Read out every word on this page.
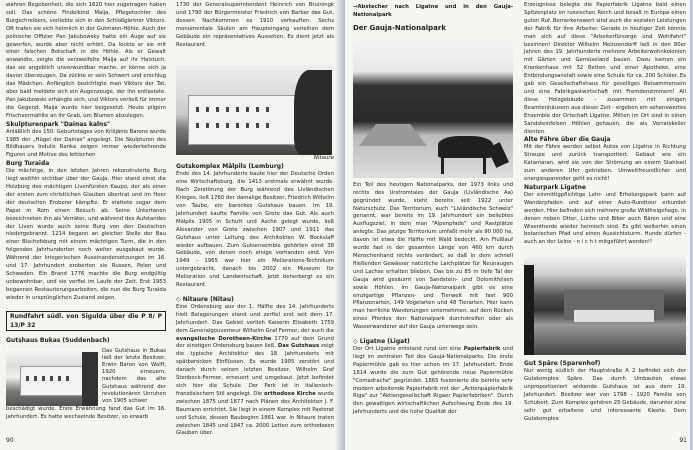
wahren Begebenheit, die sich 1620 hier zugetragen haben soll. Das schöne Findelkind Maija, Pflegetochter des Burgschreibers, verliebte sich in den Schloßgärtner Viktors. Oft trafen sie sich heimlich in der Gutmann-Höhle. Auch der polnische Offizier Pan Jakubowsky hatte ein Auge auf sie geworfen, wurde aber nicht erhört. Da lockte er sie mit einer falschen Botschaft in die Höhle. Als er Gewalt anwandte, zeigte die verzweifelte Maija auf ihr Halstuch, das sie angeblich unverwundbar mache, er könne sich ja davon überzeugen. Da zückte er sein Schwert und erschlug das Mädchen. Anfänglich bezichtigte man Viktors der Tat, aber bald meldete sich ein Augenzeuge, der ihn entlastete. Pan Jakubowski erhängte sich, und Viktors verließ für immer die Gegend. Maija wurde hier beigesetzt. Heute pilgern Frischvermählte an ihr Grab, um Blumen abzulegen.

Skulpturenpark "Dainas kalns"

Anläßlich des 150. Geburtstages von Krišjānis Barons wurde 1985 der „Hügel der Dainas" angelegt. Die Skulpturen des Bildhauers Indulis Ranka zeigen immer wiederkehrende Figuren und Motive des lettischen

Burg Turaida

Die mächtige, in den letzten Jahren rekonstruierte Burg liegt weithin sichtbar über der Gauja. Hier stand einst die Holzburg des mächtigen Livenfürsten Kaupo, der als einer der ersten zum christlichen Glauben übertrat und im Heer der deutschen Eroberer kämpfte. Er stattete sogar dem Papst in Rom einen Besuch ab. Seine Untertanen bezeichneten ihn als Verräter, und während des Aufstandes der Liven wurde auch seine Burg von den Deutschen niedergebrannt. 1214 begann an gleicher Stelle der Bau einer Bischofsburg mit einem mächtigen Turm, die in den folgenden Jahrhunderten noch weiter ausgebaut wurde. Während der kriegerischen Auseinandersetzungen im 16. und 17. Jahrhundert eroberten sie Russen, Polen und Schweden. Ein Brand 1776 machte die Burg endgültig unbewohnbar, und sie verfiel im Laufe der Zeit. Erst 1953 begannen Restaurierungsarbeiten, die nun die Burg Turaida wieder in ursprünglichen Zustand zeigen.

Rundfahrt südl. von Sigulda über die P 8/ P 13/P 32

Gutshaus Bukas (Suddenbach)

Das Gutshaus in Bukas ließ der letzte Besitzer, Erwin Baron von Wolff, 1920 erneuern, nachdem das alte Gutshaus während der revolutionären Unruhen von 1905 schwer

beschädigt wurde. Erste Erwähnung fand das Gut im 16. Jahrhundert. Es hatte wechselnde Besitzer, so erwarb

90

1730 der Generalsuperintendent Heinrich von Bruiningk und 1790 der Bürgermeister Friedrich von Barber das Gut, dessen Nachkommen es 1910 verkauften. Sechs monumentale Säulen am Haupteingang verleihen dem Gebäude ein repräsentatives Aussehen. Es dient jetzt als Restaurant.

Nitaure

Gutskomplex Mālpils (Lemburg)

Ende des 14. Jahrhunderts baute hier der Deutsche Orden eine Wirtschaftsburg, die 1413 erstmals erwähnt wurde. Nach Zerstörung der Burg während des Livländischen Krieges, ließ 1760 der damalige Besitzer, Friedrich Wilhelm von Taube, ein barockes Gutshaus bauen. Im 19. Jahrhundert kaufte Familie von Grote das Gut. Als auch Mālpils 1905 in Schutt und Asche gelegt wurde, ließ Alexander von Grote zwischen 1907 und 1911 das Gutshaus unter Leitung des Architekten W. Bockslaff wieder aufbauen. Zum Gutsensemble gehörten einst 38 Gebäude, von denen noch einige vorhanden sind. Von 1949 - 1965 war hier ein Meliorations-Technikum untergebracht, danach bis 2002 ein Museum für Melioration und Landwirtschaft. Jetzt beherbergt es ein Restaurant.

◇ Nitaure (Nitau)

Eine Ordensburg aus der 1. Hälfte des 14. Jahrhunderts hielt Belagerungen stand und zerfiel erst seit dem 17. Jahrhundert. Das Gebiet verlieh Kaiserin Elisabeth 1759 dem Generalgouverneur Wilhelm Graf Fermor, der auch die evangelische Dorotheen-Kirche 1770 auf dem Grund der einstigen Ordensburg bauen ließ. Das Gutshaus zeigt die typische Architektur des 18. Jahrhunderts mit spätbarocken Einflüssen. Es wurde 1905 zerstört und danach durch seinen letzten Besitzer, Wilhelm Graf Stenbock-Fermor, erneuert und umgebaut. Jetzt befindet sich hier die Schule. Der Park ist in italienisch-französischem Stil angelegt. Die orthodoxe Kirche wurde zwischen 1875 und 1877 nach Plänen des Architekten J. F. Baumann errichtet. Sie liegt in einem Komplex mit Pastorat und Schule, dessen Baubeginn 1861 war. In Nitaure traten zwischen 1845 und 1847 ca. 2000 Letten zum orthodoxen Glauben über.

→Abstecher nach Līgatne und in den Gauja-Nationalpark

Der Gauja-Nationalpark

Ein Teil des heutigen Nationalparks, der 1973 links und rechts des Urstromtales der Gauja (Livländische Aa) gegründet wurde, steht bereits seit 1922 unter Naturschutz. Das Territorium, auch "Livländische Schweiz" genannt, war bereits im 19. Jahrhundert ein beliebtes Ausflugsziel, in dem man "Alpenpfade" und Rastplätze anlegte. Das jetzige Territorium umfaßt mehr als 90 000 ha, davon ist etwa die Hälfte mit Wald bedeckt. Am Flußlauf wurde fast in der gesamten Länge von 460 km durch Menschenhand nichts verändert, so daß in dem schnell fließenden Gewässer natürliche Laichplätze für Neunaugen und Lachse erhalten blieben. Das bis zu 85 m tiefe Tal der Gauja wird gesäumt von Sandstein- und Dolomitfelsen sowie Höhlen. Im Gauja-Nationalpark gibt es eine einzigartige Pflanzen- und Tierwelt mit fast 900 Pflanzenarten, 149 Vogelarten und 48 Tierarten. Hier kann man herrliche Wanderungen unternehmen, auf dem Rücken eines Pferdes den Nationalpark durchstreifen oder als Wasserwanderer auf der Gauja unterwegs sein.

◇ Līgatne (Ligat)

Der Ort Līgatne entstand rund um eine Papierfabrik und liegt im zentralen Teil des Gauja-Nationalparks. Die erste Papiermühle gab es hier schon im 17. Jahrhundert. Ende 1814 wurde die zum Gut gehörende neue Papiermühle "Comadrache" gegründet. 1865 fusionierte die bereits sehr modern arbeitende Papierfabrik mit der „Actienpapierfabrik Riga" zur "Aktiengesellschaft Rigaer Papierfabriken". Durch den gewaltigen wirtschaftlichen Aufschwung Ende des 19. Jahrhunderts und die hohe Qualität der

Erzeugnisse belegte die Papierfabrik Līgatne bald einen Spitzenplatz im russischen Reich und besaß in Europa einen guten Ruf. Bemerkenswert sind auch die sozialen Leistungen der Fabrik für ihre Arbeiter. Gerade in heutiger Zeit könnte man sich auf diese "Arbeiterfürsorge und Wohlfahrt" besinnen! Direktor Wilhelm Meinzendorff ließ in den 80er Jahren des 19. Jahrhunderts mehrere Arbeiterwohnkolonien mit Gärten und Gemüseland bauen. Dazu kamen ein Krankenhaus mit 32 Betten und einer Apotheke, eine Entbindungsanstalt sowie eine Schule für ca. 200 Schüler. Es gab ein Gesellschaftshaus für geselliges Beisammensein und eine Fabrikgastwirtschaft mit Fremdenzimmern! All diese Holzgebäude - zusammen mit einigen Beamtenhäusern aus dieser Zeit - ergeben ein sehenswertes Ensemble der Ortschaft Līgatne. Mitten im Ort sind in einen Sandsteinfelsen Höhlen gehauen, die als Vorratskeller dienten.

Alte Fähre über die Gauja

Mit der Fähre werden selbst Autos von Līgatne in Richtung Straupe und zurück transportiert. Gebaut wie ein Katamaran, wird sie von der Strömung an einem Stahlseil zum anderen Ufer getrieben. Umweltfreundlicher und energiesparender geht es nicht!

Naturpark Līgatne

Der einmittigpflichtige Lehr- und Erholungspark kann auf Wanderpfaden und auf einer Auto-Rundtour erkundet werden. Hier befinden sich mehrere große Wildfreigehege, in denen neben Otter, Luchs und Biber auch Bären und eine Wisentherde wieder heimisch sind. Es gibt weiterhin einen botanischen Pfad und einen Aussichtsturm. Hunde dürfen - auch an der Leine - n i c h t mitgeführt werden!!

Gut Spāre (Sparenhof)

Nur wenig südlich der Hauptstraße A 2 befindet sich der Gutskomplex Spāre. Das durch Umbauten etwas unproportioniert wirkende Gutshaus ist aus dem 19. Jahrhundert. Besitzer war von 1798 - 1920 Familie von Schubert. Zum Komplex gehören 25 Gebäude, darunter eine sehr gut erhaltene und interessante Kleete. Dem Gutskomplex

91
